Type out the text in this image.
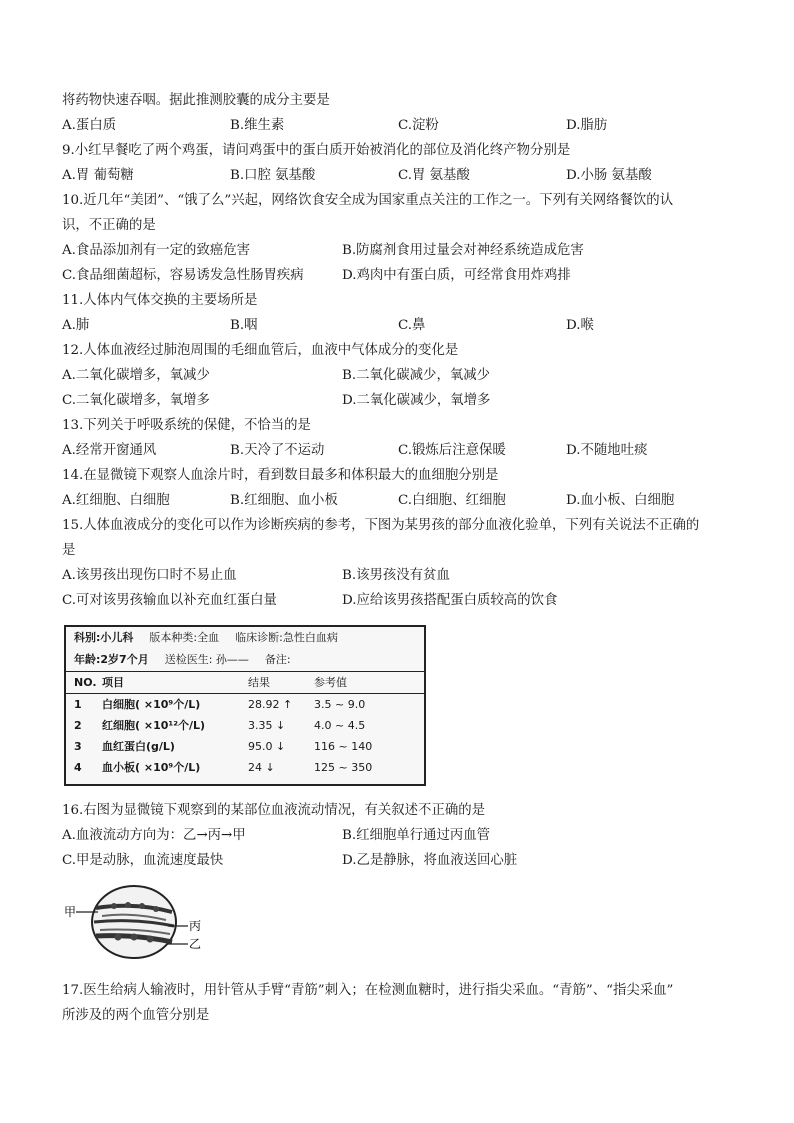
将药物快速吞咽。据此推测胶囊的成分主要是
A.蛋白质	B.维生素	C.淀粉	D.脂肪
9.小红早餐吃了两个鸡蛋，请问鸡蛋中的蛋白质开始被消化的部位及消化终产物分别是
A.胃 葡萄糖	B.口腔 氨基酸	C.胃 氨基酸	D.小肠 氨基酸
10.近几年“美团”、“饿了么”兴起，网络饮食安全成为国家重点关注的工作之一。下列有关网络餐饮的认
识，不正确的是
A.食品添加剂有一定的致癌危害	B.防腐剂食用过量会对神经系统造成危害
C.食品细菌超标，容易诱发急性肠胃疾病	D.鸡肉中有蛋白质，可经常食用炸鸡排
11.人体内气体交换的主要场所是
A.肺	B.咽	C.鼻	D.喉
12.人体血液经过肺泡周围的毛细血管后，血液中气体成分的变化是
A.二氧化碳增多，氧减少	B.二氧化碳减少，氧减少
C.二氧化碳增多，氧增多	D.二氧化碳减少，氧增多
13.下列关于呼吸系统的保健，不恰当的是
A.经常开窗通风	B.天冷了不运动	C.锻炼后注意保暖	D.不随地吐痰
14.在显微镜下观察人血涂片时，看到数目最多和体积最大的血细胞分别是
A.红细胞、白细胞	B.红细胞、血小板	C.白细胞、红细胞	D.血小板、白细胞
15.人体血液成分的变化可以作为诊断疾病的参考，下图为某男孩的部分血液化验单，下列有关说法不正确的
是
A.该男孩出现伤口时不易止血	B.该男孩没有贫血
C.可对该男孩输血以补充血红蛋白量	D.应给该男孩搭配蛋白质较高的饮食
科别:小儿科 版本种类:全血 临床诊断:急性白血病
年龄:2岁7个月 送检医生: 孙—— 备注:
NO. 项目	结果	参考值
1	白细胞( ×10⁹个/L)	28.92 ↑	3.5 ~ 9.0
2	红细胞( ×10¹²个/L)	3.35 ↓	4.0 ~ 4.5
3	血红蛋白(g/L)	95.0 ↓	116 ~ 140
4	血小板( ×10⁹个/L)	24 ↓	125 ~ 350
16.右图为显微镜下观察到的某部位血液流动情况，有关叙述不正确的是
A.血液流动方向为：乙→丙→甲	B.红细胞单行通过丙血管
C.甲是动脉，血流速度最快	D.乙是静脉，将血液送回心脏
甲
丙
乙
17.医生给病人输液时，用针管从手臂“青筋”刺入；在检测血糖时，进行指尖采血。“青筋”、“指尖采血”
所涉及的两个血管分别是
